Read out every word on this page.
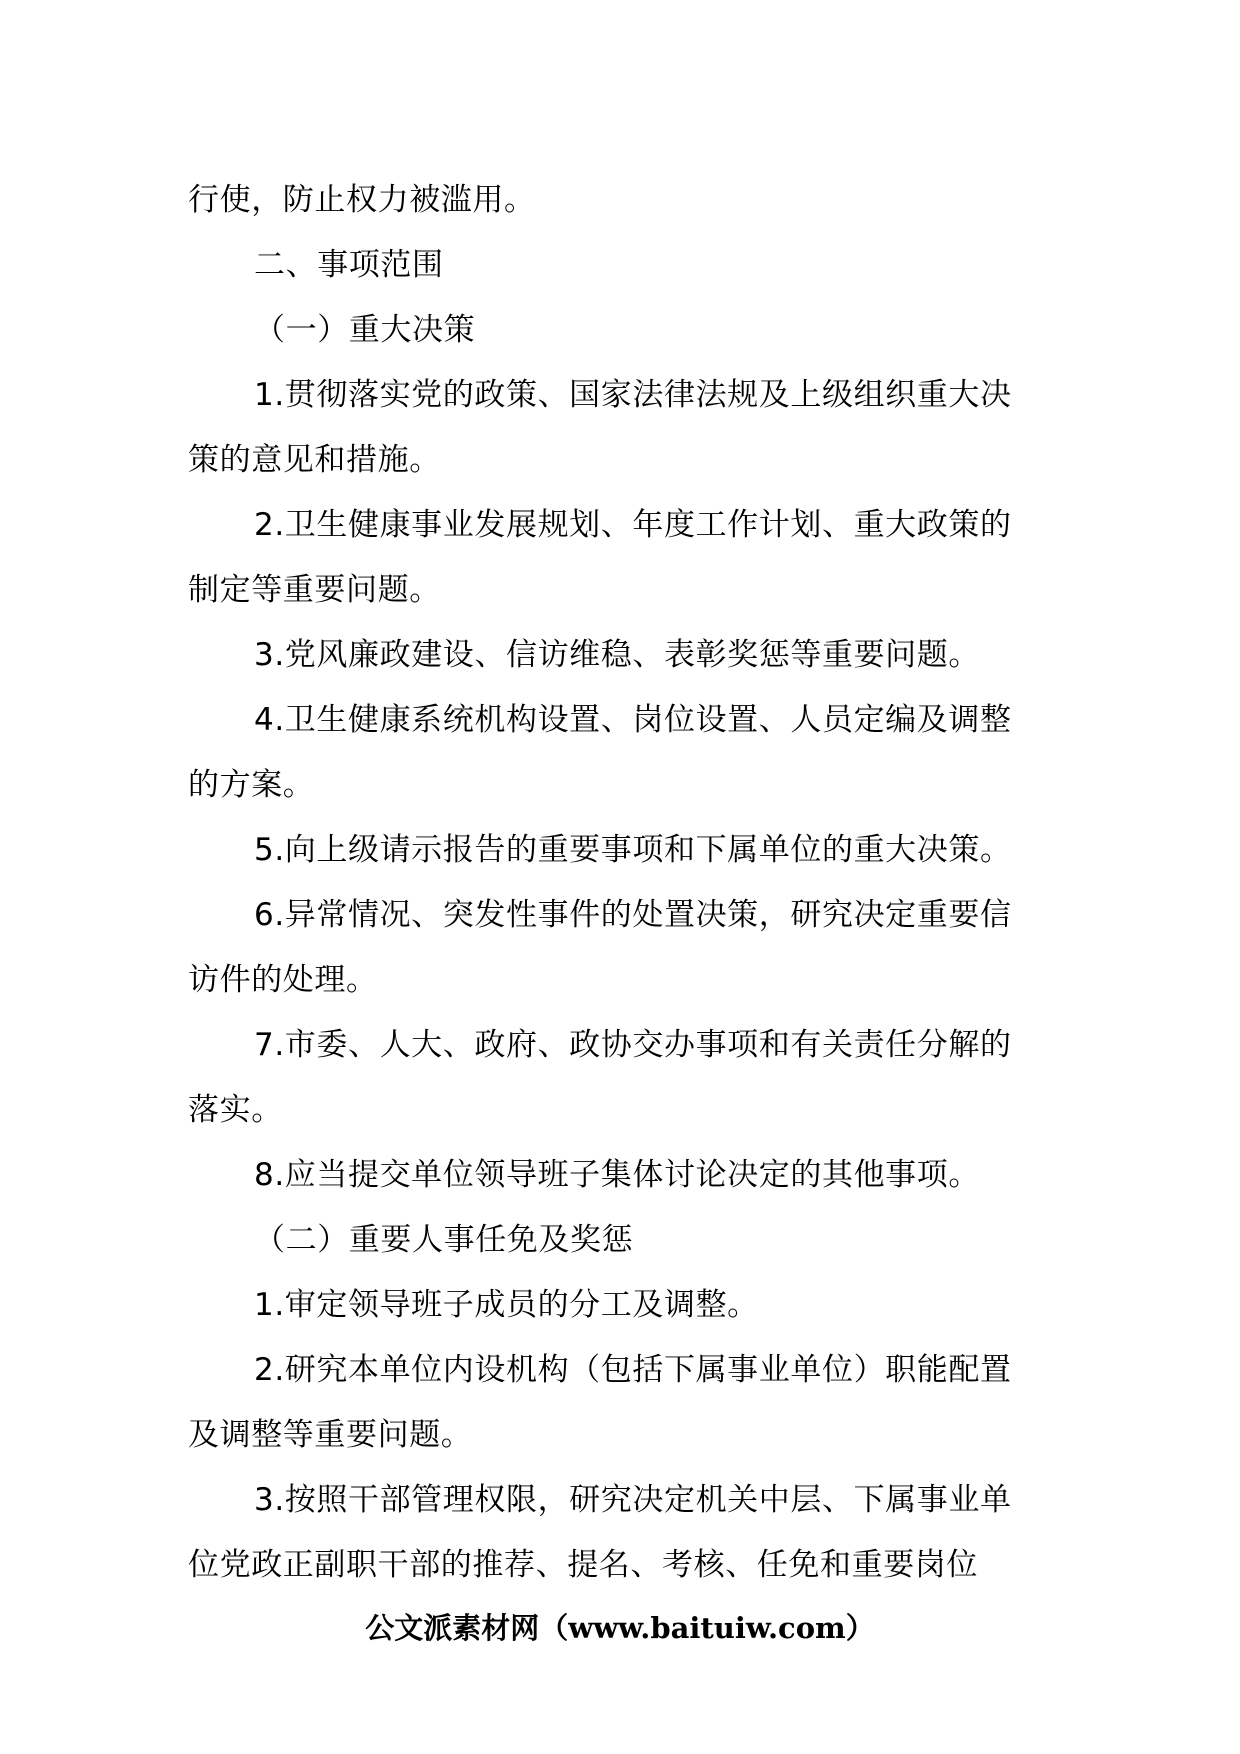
行使，防止权力被滥用。
二、事项范围
（一）重大决策
1.贯彻落实党的政策、国家法律法规及上级组织重大决
策的意见和措施。
2.卫生健康事业发展规划、年度工作计划、重大政策的
制定等重要问题。
3.党风廉政建设、信访维稳、表彰奖惩等重要问题。
4.卫生健康系统机构设置、岗位设置、人员定编及调整
的方案。
5.向上级请示报告的重要事项和下属单位的重大决策。
6.异常情况、突发性事件的处置决策，研究决定重要信
访件的处理。
7.市委、人大、政府、政协交办事项和有关责任分解的
落实。
8.应当提交单位领导班子集体讨论决定的其他事项。
（二）重要人事任免及奖惩
1.审定领导班子成员的分工及调整。
2.研究本单位内设机构（包括下属事业单位）职能配置
及调整等重要问题。
3.按照干部管理权限，研究决定机关中层、下属事业单
位党政正副职干部的推荐、提名、考核、任免和重要岗位
公文派素材网（www.baituiw.com）
